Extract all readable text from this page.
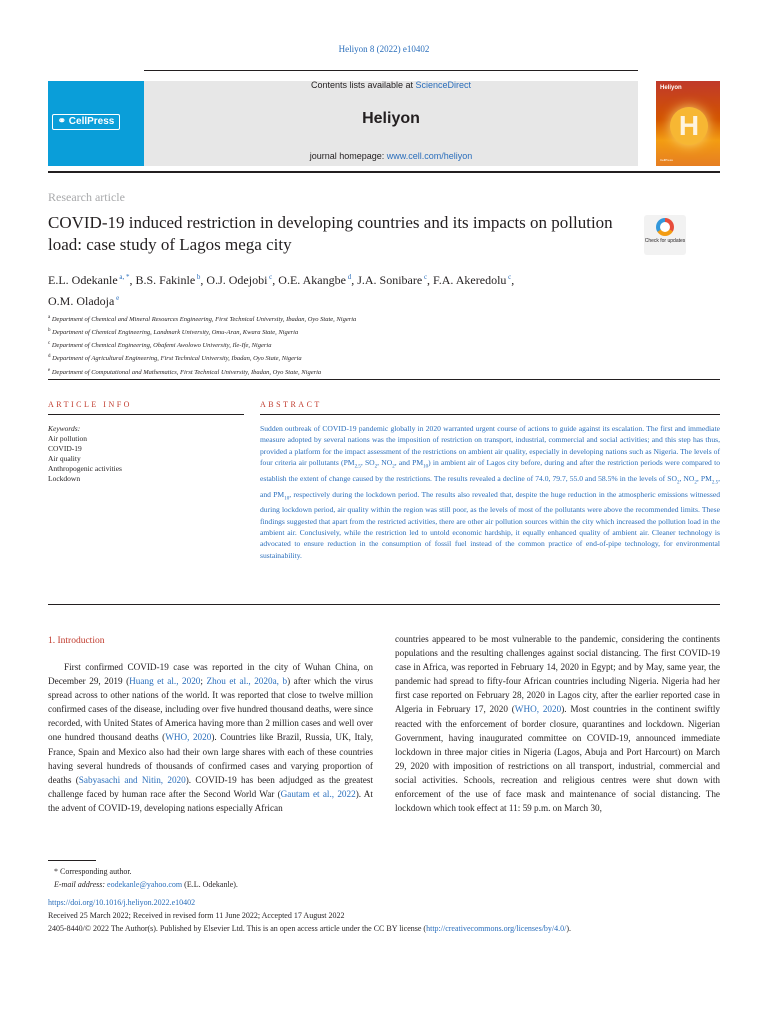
Heliyon 8 (2022) e10402
⚭ CellPress
Contents lists available at ScienceDirect
Heliyon
journal homepage: www.cell.com/heliyon
Heliyon
H
CellPress
Research article
COVID-19 induced restriction in developing countries and its impacts on pollution load: case study of Lagos mega city	Check for updates
E.L. Odekanle $^{a, *}$, B.S. Fakinle $^b$, O.J. Odejobi $^c$, O.E. Akangbe $^d$, J.A. Sonibare $^c$, F.A. Akeredolu $^c$,
O.M. Oladoja $^e$
$^a$ Department of Chemical and Mineral Resources Engineering, First Technical University, Ibadan, Oyo State, Nigeria
$^b$ Department of Chemical Engineering, Landmark University, Omu-Aran, Kwara State, Nigeria
$^c$ Department of Chemical Engineering, Obafemi Awolowo University, Ile-Ife, Nigeria
$^d$ Department of Agricultural Engineering, First Technical University, Ibadan, Oyo State, Nigeria
$^e$ Department of Computational and Mathematics, First Technical University, Ibadan, Oyo State, Nigeria
ARTICLE INFO	ABSTRACT
Keywords:
Air pollution
COVID-19
Air quality
Anthropogenic activities
Lockdown
Sudden outbreak of COVID-19 pandemic globally in 2020 warranted urgent course of actions to guide against its escalation. The first and immediate measure adopted by several nations was the imposition of restriction on transport, industrial, commercial and social activities; and this step has thus, provided a platform for the impact assessment of the restrictions on ambient air quality, especially in developing nations such as Nigeria. The levels of four criteria air pollutants ($PM_{2.5}$, $SO_2$, $NO_2$, and $PM_{10}$) in ambient air of Lagos city before, during and after the restriction periods were compared to establish the extent of change caused by the restrictions. The results revealed a decline of 74.0, 79.7, 55.0 and 58.5% in the levels of $SO_2$, $NO_2$, $PM_{2.5}$, and $PM_{10}$, respectively during the lockdown period. The results also revealed that, despite the huge reduction in the atmospheric emissions witnessed during lockdown period, air quality within the region was still poor, as the levels of most of the pollutants were above the recommended limits. These findings suggested that apart from the restricted activities, there are other air pollution sources within the city which increased the pollution load in the ambient air. Conclusively, while the restriction led to untold economic hardship, it equally enhanced quality of ambient air. Cleaner technology is advocated to ensure reduction in the consumption of fossil fuel instead of the common practice of end-of-pipe technology, for environmental sustainability.
1. Introduction
First confirmed COVID-19 case was reported in the city of Wuhan China, on December 29, 2019 (Huang et al., 2020; Zhou et al., 2020a, b) after which the virus spread across to other nations of the world. It was reported that close to twelve million confirmed cases of the disease, including over five hundred thousand deaths, were since recorded, with United States of America having more than 2 million cases and well over one hundred thousand deaths (WHO, 2020). Countries like Brazil, Russia, UK, Italy, France, Spain and Mexico also had their own large shares with each of these countries having several hundreds of thousands of confirmed cases and varying proportion of deaths (Sabyasachi and Nitin, 2020). COVID-19 has been adjudged as the greatest challenge faced by human race after the Second World War (Gautam et al., 2022). At the advent of COVID-19, developing nations especially African
countries appeared to be most vulnerable to the pandemic, considering the continents populations and the resulting challenges against social distancing. The first COVID-19 case in Africa, was reported in February 14, 2020 in Egypt; and by May, same year, the pandemic had spread to fifty-four African countries including Nigeria. Nigeria had her first case reported on February 28, 2020 in Lagos city, after the earlier reported case in Algeria in February 17, 2020 (WHO, 2020). Most countries in the continent swiftly reacted with the enforcement of border closure, quarantines and lockdown. Nigerian Government, having inaugurated committee on COVID-19, announced immediate lockdown in three major cities in Nigeria (Lagos, Abuja and Port Harcourt) on March 29, 2020 with imposition of restrictions on all transport, industrial, commercial and social activities. Schools, recreation and religious centres were shut down with enforcement of the use of face mask and maintenance of social distancing. The lockdown which took effect at 11: 59 p.m. on March 30,
* Corresponding author.
E-mail address: eodekanle@yahoo.com (E.L. Odekanle).
https://doi.org/10.1016/j.heliyon.2022.e10402
Received 25 March 2022; Received in revised form 11 June 2022; Accepted 17 August 2022
2405-8440/© 2022 The Author(s). Published by Elsevier Ltd. This is an open access article under the CC BY license (http://creativecommons.org/licenses/by/4.0/).
